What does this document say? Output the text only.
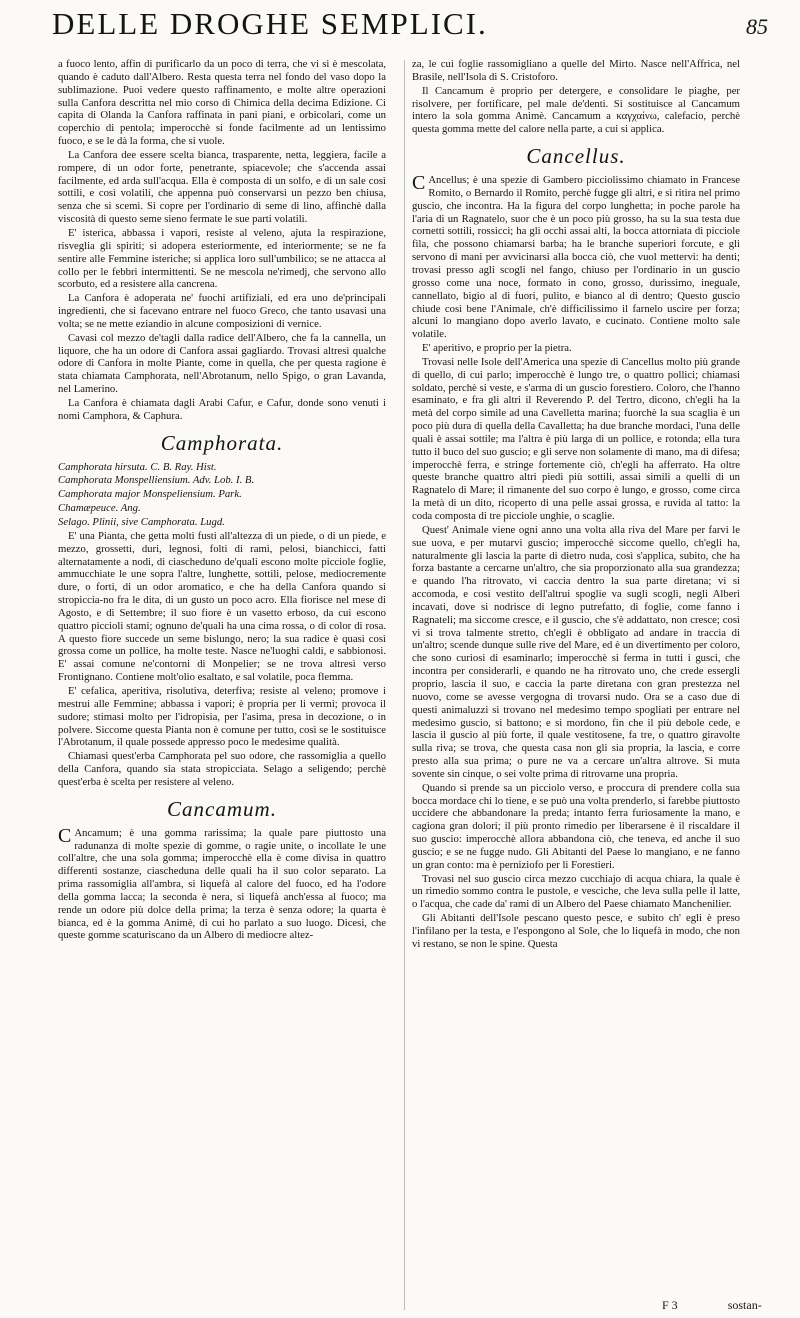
DELLE DROGHE SEMPLICI.	85

a fuoco lento, affin di purificarlo da un poco di terra, che vi si è mescolata, quando è caduto dall'Albero. Resta questa terra nel fondo del vaso dopo la sublimazione. Puoi vedere questo raffinamento, e molte altre operazioni sulla Canfora descritta nel mio corso di Chimica della decima Edizione. Ci capita di Olanda la Canfora raffinata in pani piani, e orbicolari, come un coperchio di pentola; imperocchè si fonde facilmente ad un lentissimo fuoco, e se le dà la forma, che si vuole.

La Canfora dee essere scelta bianca, trasparente, netta, leggiera, facile a rompere, di un odor forte, penetrante, spiacevole; che s'accenda assai facilmente, ed arda sull'acqua. Ella è composta di un solfo, e di un sale così sottili, e così volatili, che appenna può conservarsi un pezzo ben chiusa, senza che si scemi. Si copre per l'ordinario di seme di lino, affinchè dalla viscosità di questo seme sieno fermate le sue parti volatili.

E' isterica, abbassa i vapori, resiste al veleno, ajuta la respirazione, risveglia gli spiriti; si adopera esteriormente, ed interiormente; se ne fa sentire alle Femmine isteriche; si applica loro sull'umbilico; se ne attacca al collo per le febbri intermittenti. Se ne mescola ne'rimedj, che servono allo scorbuto, ed a resistere alla cancrena.

La Canfora è adoperata ne' fuochi artifiziali, ed era uno de'principali ingredienti, che si facevano entrare nel fuoco Greco, che tanto usavasi una volta; se ne mette eziandio in alcune composizioni di vernice.

Cavasi col mezzo de'tagli dalla radice dell'Albero, che fa la cannella, un liquore, che ha un odore di Canfora assai gagliardo. Trovasi altresì qualche odore di Canfora in molte Piante, come in quella, che per questa ragione è stata chiamata Camphorata, nell'Abrotanum, nello Spigo, o gran Lavanda, nel Lamerino.

La Canfora è chiamata dagli Arabi Cafur, e Cafur, donde sono venuti i nomi Camphora, & Caphura.

Camphorata.

Camphorata hirsuta. C. B. Ray. Hist.

Camphorata Monspelliensium. Adv. Lob. I. B.

Camphorata major Monspeliensium. Park.

Chamæpeuce. Ang.

Selago. Plinii, sive Camphorata. Lugd.

E' una Pianta, che getta molti fusti all'altezza di un piede, o di un piede, e mezzo, grossetti, duri, legnosi, folti di rami, pelosi, bianchicci, fatti alternatamente a nodi, di ciascheduno de'quali escono molte picciole foglie, ammucchiate le une sopra l'altre, lunghette, sottili, pelose, mediocremente dure, o forti, di un odor aromatico, e che ha della Canfora quando si stropiccia-no fra le dita, di un gusto un poco acro. Ella fiorisce nel mese di Agosto, e di Settembre; il suo fiore è un vasetto erboso, da cui escono quattro piccioli stami; ognuno de'quali ha una cima rossa, o di color di rosa. A questo fiore succede un seme bislungo, nero; la sua radice è quasi così grossa come un pollice, ha molte teste. Nasce ne'luoghi caldi, e sabbionosi. E' assai comune ne'contorni di Monpelier; se ne trova altresì verso Frontignano. Contiene molt'olio esaltato, e sal volatile, poca flemma.

E' cefalica, aperitiva, risolutiva, deterfiva; resiste al veleno; promove i mestrui alle Femmine; abbassa i vapori; è propria per li vermi; provoca il sudore; stimasi molto per l'idropisia, per l'asima, presa in decozione, o in polvere. Siccome questa Pianta non è comune per tutto, così se le sostituisce l'Abrotanum, il quale possede appresso poco le medesime qualità.

Chiamasi quest'erba Camphorata pel suo odore, che rassomiglia a quello della Canfora, quando sia stata stropicciata. Selago a seligendo; perchè quest'erba è scelta per resistere al veleno.

Cancamum.

C Ancamum; è una gomma rarissima; la quale pare piuttosto una radunanza di molte spezie di gomme, o ragie unite, o incollate le une coll'altre, che una sola gomma; imperocchè ella è come divisa in quattro differenti sostanze, ciascheduna delle quali ha il suo color separato. La prima rassomiglia all'ambra, si liquefà al calore del fuoco, ed ha l'odore della gomma lacca; la seconda è nera, si liquefà anch'essa al fuoco; ma rende un odore più dolce della prima; la terza è senza odore; la quarta è bianca, ed è la gomma Animè, di cui ho parlato a suo luogo. Dicesi, che queste gomme scaturiscano da un Albero di mediocre altez-

za, le cui foglie rassomigliano a quelle del Mirto. Nasce nell'Affrica, nel Brasile, nell'Isola di S. Cristoforo.

Il Cancamum è proprio per detergere, e consolidare le piaghe, per risolvere, per fortificare, pel male de'denti. Si sostituisce al Cancamum intero la sola gomma Animè. Cancamum a καγχαίνω, calefacio, perchè questa gomma mette del calore nella parte, a cui si applica.

Cancellus.

C Ancellus; è una spezie di Gambero picciolissimo chiamato in Francese Romito, o Bernardo il Romito, perchè fugge gli altri, e si ritira nel primo guscio, che incontra. Ha la figura del corpo lunghetta; in poche parole ha l'aria di un Ragnatelo, suor che è un poco più grosso, ha su la sua testa due cornetti sottili, rossicci; ha gli occhi assai alti, la bocca attorniata di picciole fila, che possono chiamarsi barba; ha le branche superiori forcute, e gli servono di mani per avvicinarsi alla bocca ciò, che vuol mettervi: ha denti; trovasi presso agli scogli nel fango, chiuso per l'ordinario in un guscio grosso come una noce, formato in cono, grosso, durissimo, ineguale, cannellato, bigio al di fuori, pulito, e bianco al di dentro; Questo guscio chiude così bene l'Animale, ch'è difficilissimo il farnelo uscire per forza; alcuni lo mangiano dopo averlo lavato, e cucinato. Contiene molto sale volatile.

E' aperitivo, e proprio per la pietra.

Trovasi nelle Isole dell'America una spezie di Cancellus molto più grande di quello, di cui parlo; imperocchè è lungo tre, o quattro pollici; chiamasi soldato, perchè si veste, e s'arma di un guscio forestiero. Coloro, che l'hanno esaminato, e fra gli altri il Reverendo P. del Tertro, dicono, ch'egli ha la metà del corpo simile ad una Cavelletta marina; fuorchè la sua scaglia è un poco più dura di quella della Cavalletta; ha due branche mordaci, l'una delle quali è assai sottile; ma l'altra è più larga di un pollice, e rotonda; ella tura tutto il buco del suo guscio; e gli serve non solamente di mano, ma di difesa; imperocchè ferra, e stringe fortemente ciò, ch'egli ha afferrato. Ha oltre queste branche quattro altri piedi più sottili, assai simili a quelli di un Ragnatelo di Mare; il rimanente del suo corpo è lungo, e grosso, come circa la metà di un dito, ricoperto di una pelle assai grossa, e ruvida al tatto: la coda composta di tre picciole unghie, o scaglie.

Quest' Animale viene ogni anno una volta alla riva del Mare per farvi le sue uova, e per mutarvi guscio; imperocchè siccome quello, ch'egli ha, naturalmente gli lascia la parte di dietro nuda, così s'applica, subito, che ha forza bastante a cercarne un'altro, che sia proporzionato alla sua grandezza; e quando l'ha ritrovato, vi caccia dentro la sua parte diretana; vi si accomoda, e così vestito dell'altrui spoglie va sugli scogli, negli Alberi incavati, dove si nodrisce di legno putrefatto, di foglie, come fanno i Ragnateli; ma siccome cresce, e il guscio, che s'è addattato, non cresce; così vi si trova talmente stretto, ch'egli è obbligato ad andare in traccia di un'altro; scende dunque sulle rive del Mare, ed è un divertimento per coloro, che sono curiosi di esaminarlo; imperocchè si ferma in tutti i gusci, che incontra per considerarli, e quando ne ha ritrovato uno, che crede essergli proprio, lascia il suo, e caccia la parte diretana con gran prestezza nel nuovo, come se avesse vergogna di trovarsi nudo. Ora se a caso due di questi animaluzzi si trovano nel medesimo tempo spogliati per entrare nel medesimo guscio, si battono; e si mordono, fin che il più debole cede, e lascia il guscio al più forte, il quale vestitosene, fa tre, o quattro giravolte sulla riva; se trova, che questa casa non gli sia propria, la lascia, e corre presto alla sua prima; o pure ne va a cercare un'altra altrove. Si muta sovente sin cinque, o sei volte prima di ritrovarne una propria.

Quando si prende sa un picciolo verso, e proccura di prendere colla sua bocca mordace chi lo tiene, e se può una volta prenderlo, si farebbe piuttosto uccidere che abbandonare la preda; intanto ferra furiosamente la mano, e cagiona gran dolori; il più pronto rimedio per liberarsene è il riscaldare il suo guscio: imperocchè allora abbandona ciò, che teneva, ed anche il suo guscio; e se ne fugge nudo. Gli Abitanti del Paese lo mangiano, e ne fanno un gran conto: ma è perniziofo per li Forestieri.

Trovasi nel suo guscio circa mezzo cucchiajo di acqua chiara, la quale è un rimedio sommo contra le pustole, e vesciche, che leva sulla pelle il latte, o l'acqua, che cade da' rami di un Albero del Paese chiamato Manchenilier.

Gli Abitanti dell'Isole pescano questo pesce, e subito ch' egli è preso l'infilano per la testa, e l'espongono al Sole, che lo liquefà in modo, che non vi restano, se non le spine. Questa

F 3	sostan-
